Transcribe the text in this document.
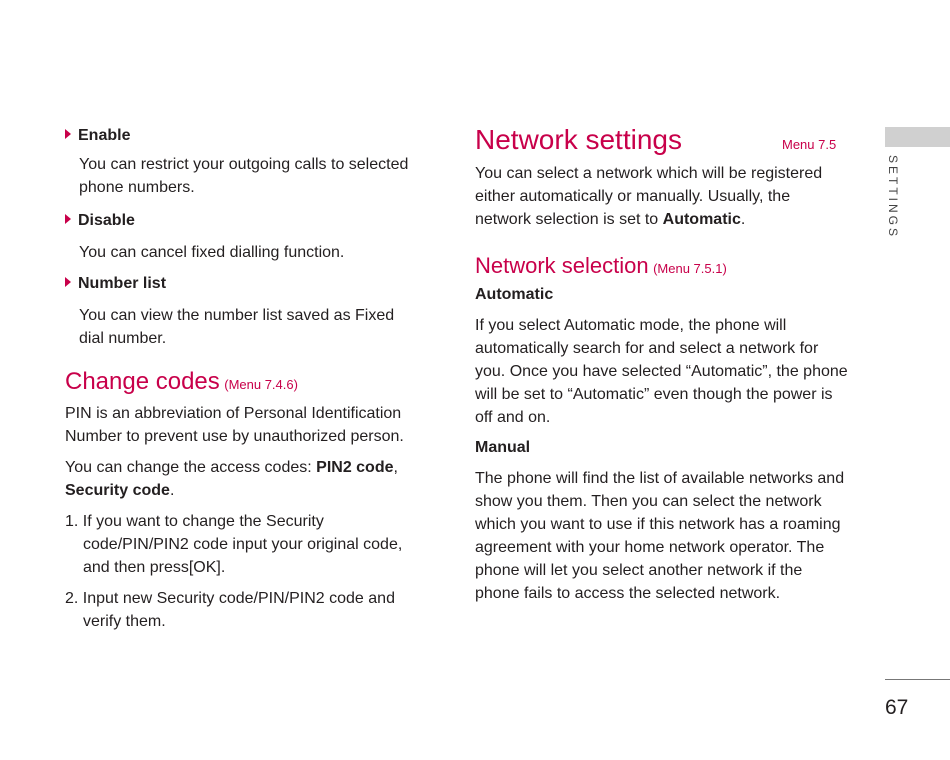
Enable
You can restrict your outgoing calls to selected phone numbers.
Disable
You can cancel fixed dialling function.
Number list
You can view the number list saved as Fixed dial number.
Change codes (Menu 7.4.6)
PIN is an abbreviation of Personal Identification Number to prevent use by unauthorized person.
You can change the access codes: PIN2 code, Security code.
1. If you want to change the Security code/PIN/PIN2 code input your original code, and then press[OK].
2. Input new Security code/PIN/PIN2 code and verify them.
Network settings	Menu 7.5
You can select a network which will be registered either automatically or manually. Usually, the network selection is set to Automatic.
Network selection (Menu 7.5.1)
Automatic
If you select Automatic mode, the phone will automatically search for and select a network for you. Once you have selected “Automatic”, the phone will be set to “Automatic” even though the power is off and on.
Manual
The phone will find the list of available networks and show you them. Then you can select the network which you want to use if this network has a roaming agreement with your home network operator. The phone will let you select another network if the phone fails to access the selected network.
SETTINGS
67
